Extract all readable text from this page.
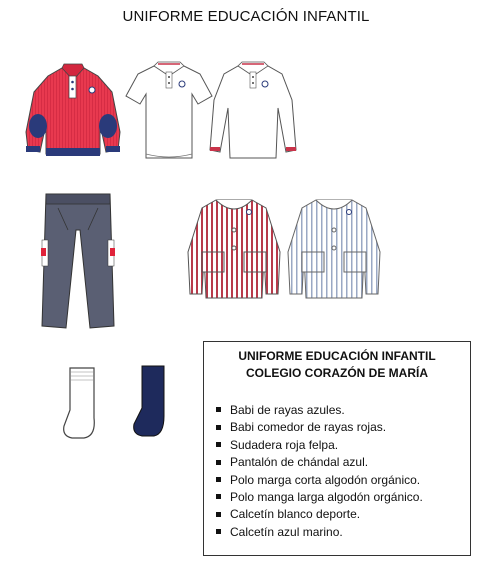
UNIFORME EDUCACIÓN INFANTIL
UNIFORME EDUCACIÓN INFANTIL
COLEGIO CORAZÓN DE MARÍA
Babi de rayas azules.
Babi comedor de rayas rojas.
Sudadera roja felpa.
Pantalón de chándal azul.
Polo marga corta algodón orgánico.
Polo manga larga algodón orgánico.
Calcetín blanco deporte.
Calcetín azul marino.
